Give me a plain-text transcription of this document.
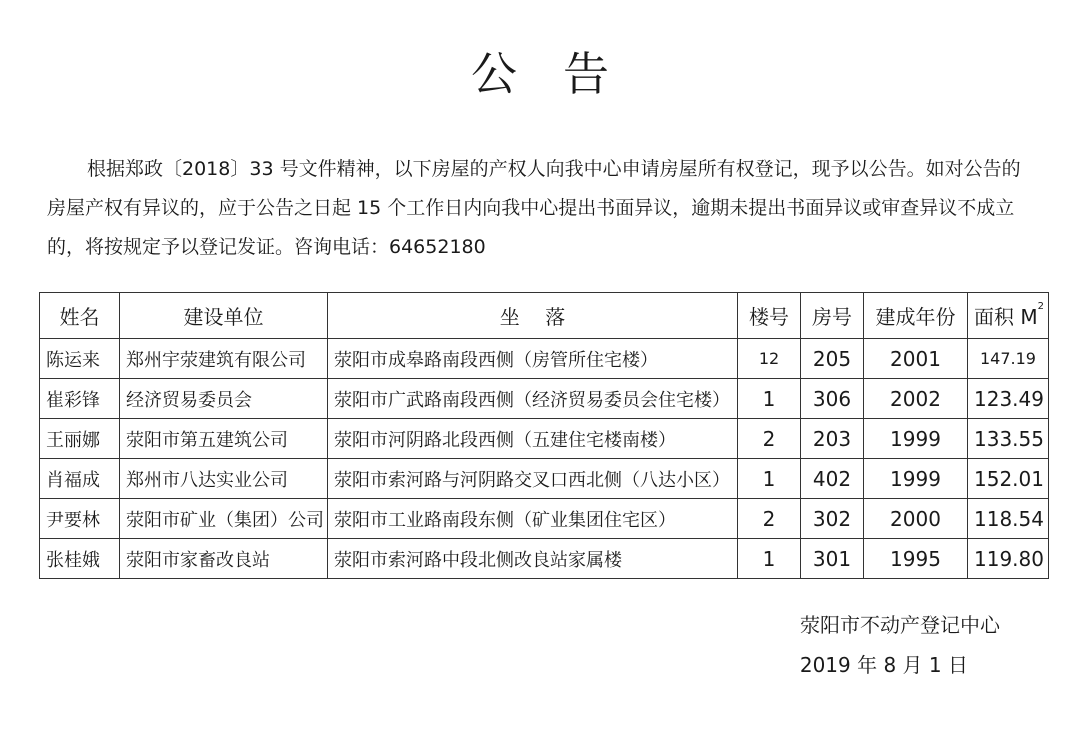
公告

根据郑政〔2018〕33 号文件精神，以下房屋的产权人向我中心申请房屋所有权登记，现予以公告。如对公告的房屋产权有异议的，应于公告之日起 15 个工作日内向我中心提出书面异议，逾期未提出书面异议或审查异议不成立的，将按规定予以登记发证。咨询电话：64652180

姓名	建设单位	坐    落	楼号	房号	建成年份	面积 $M^2$
陈运来	郑州宇荥建筑有限公司	荥阳市成皋路南段西侧（房管所住宅楼）	12	205	2001	147.19
崔彩锋	经济贸易委员会	荥阳市广武路南段西侧（经济贸易委员会住宅楼）	1	306	2002	123.49
王丽娜	荥阳市第五建筑公司	荥阳市河阴路北段西侧（五建住宅楼南楼）	2	203	1999	133.55
肖福成	郑州市八达实业公司	荥阳市索河路与河阴路交叉口西北侧（八达小区）	1	402	1999	152.01
尹要林	荥阳市矿业（集团）公司	荥阳市工业路南段东侧（矿业集团住宅区）	2	302	2000	118.54
张桂娥	荥阳市家畜改良站	荥阳市索河路中段北侧改良站家属楼	1	301	1995	119.80
荥阳市不动产登记中心
2019 年 8 月 1 日
